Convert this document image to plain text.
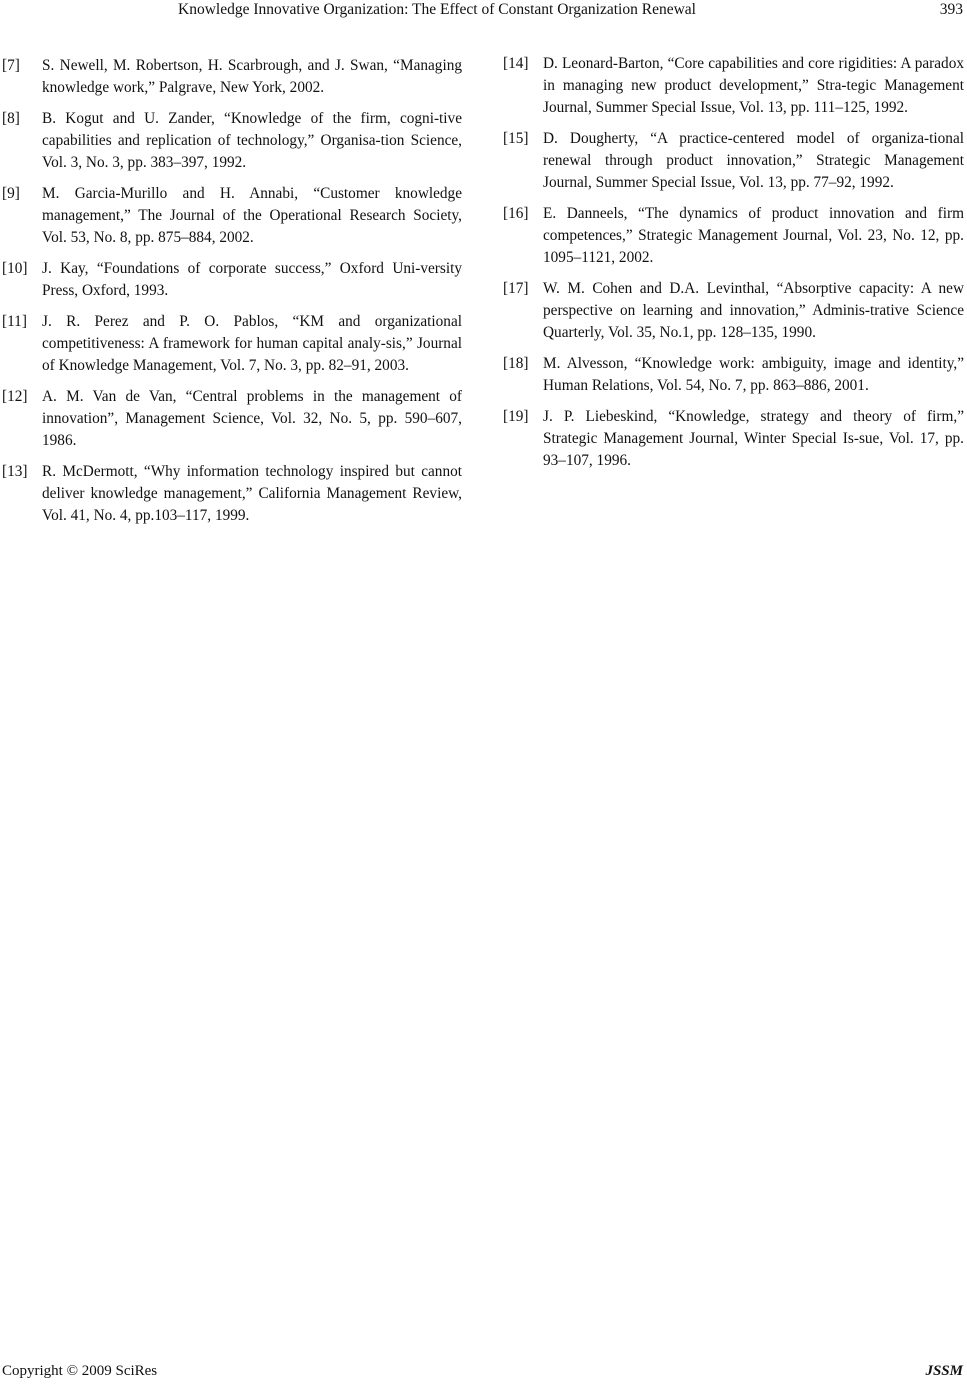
Knowledge Innovative Organization: The Effect of Constant Organization Renewal	393
[7] S. Newell, M. Robertson, H. Scarbrough, and J. Swan, “Managing knowledge work,” Palgrave, New York, 2002.
[8] B. Kogut and U. Zander, “Knowledge of the firm, cogni-tive capabilities and replication of technology,” Organisa-tion Science, Vol. 3, No. 3, pp. 383–397, 1992.
[9] M. Garcia-Murillo and H. Annabi, “Customer knowledge management,” The Journal of the Operational Research Society, Vol. 53, No. 8, pp. 875–884, 2002.
[10] J. Kay, “Foundations of corporate success,” Oxford Uni-versity Press, Oxford, 1993.
[11] J. R. Perez and P. O. Pablos, “KM and organizational competitiveness: A framework for human capital analy-sis,” Journal of Knowledge Management, Vol. 7, No. 3, pp. 82–91, 2003.
[12] A. M. Van de Van, “Central problems in the management of innovation”, Management Science, Vol. 32, No. 5, pp. 590–607, 1986.
[13] R. McDermott, “Why information technology inspired but cannot deliver knowledge management,” California Management Review, Vol. 41, No. 4, pp.103–117, 1999.
[14] D. Leonard-Barton, “Core capabilities and core rigidities: A paradox in managing new product development,” Stra-tegic Management Journal, Summer Special Issue, Vol. 13, pp. 111–125, 1992.
[15] D. Dougherty, “A practice-centered model of organiza-tional renewal through product innovation,” Strategic Management Journal, Summer Special Issue, Vol. 13, pp. 77–92, 1992.
[16] E. Danneels, “The dynamics of product innovation and firm competences,” Strategic Management Journal, Vol. 23, No. 12, pp. 1095–1121, 2002.
[17] W. M. Cohen and D.A. Levinthal, “Absorptive capacity: A new perspective on learning and innovation,” Adminis-trative Science Quarterly, Vol. 35, No.1, pp. 128–135, 1990.
[18] M. Alvesson, “Knowledge work: ambiguity, image and identity,” Human Relations, Vol. 54, No. 7, pp. 863–886, 2001.
[19] J. P. Liebeskind, “Knowledge, strategy and theory of firm,” Strategic Management Journal, Winter Special Is-sue, Vol. 17, pp. 93–107, 1996.
Copyright © 2009 SciRes	JSSM
